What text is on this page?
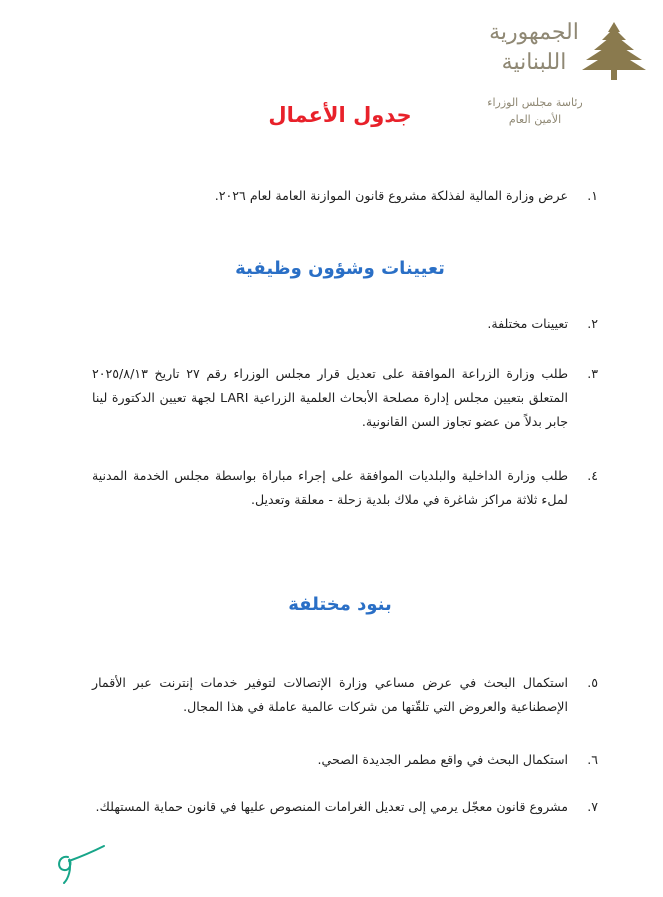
الجمهورية
اللبنانية
رئاسة مجلس الوزراء
الأمين العام
جدول الأعمال
١.
عرض وزارة المالية لفذلكة مشروع قانون الموازنة العامة لعام ٢٠٢٦.
تعيينات وشؤون وظيفية
٢.
تعيينات مختلفة.
٣.
طلب وزارة الزراعة الموافقة على تعديل قرار مجلس الوزراء رقم ٢٧ تاريخ ٢٠٢٥/٨/١٣ المتعلق بتعيين مجلس إدارة مصلحة الأبحاث العلمية الزراعية LARI لجهة تعيين الدكتورة لينا جابر بدلاً من عضو تجاوز السن القانونية.
٤.
طلب وزارة الداخلية والبلديات الموافقة على إجراء مباراة بواسطة مجلس الخدمة المدنية لملء ثلاثة مراكز شاغرة في ملاك بلدية زحلة - معلقة وتعديل.
بنود مختلفة
٥.
استكمال البحث في عرض مساعي وزارة الإتصالات لتوفير خدمات إنترنت عبر الأقمار الإصطناعية والعروض التي تلقّتها من شركات عالمية عاملة في هذا المجال.
٦.
استكمال البحث في واقع مطمر الجديدة الصحي.
٧.
مشروع قانون معجّل يرمي إلى تعديل الغرامات المنصوص عليها في قانون حماية المستهلك.
